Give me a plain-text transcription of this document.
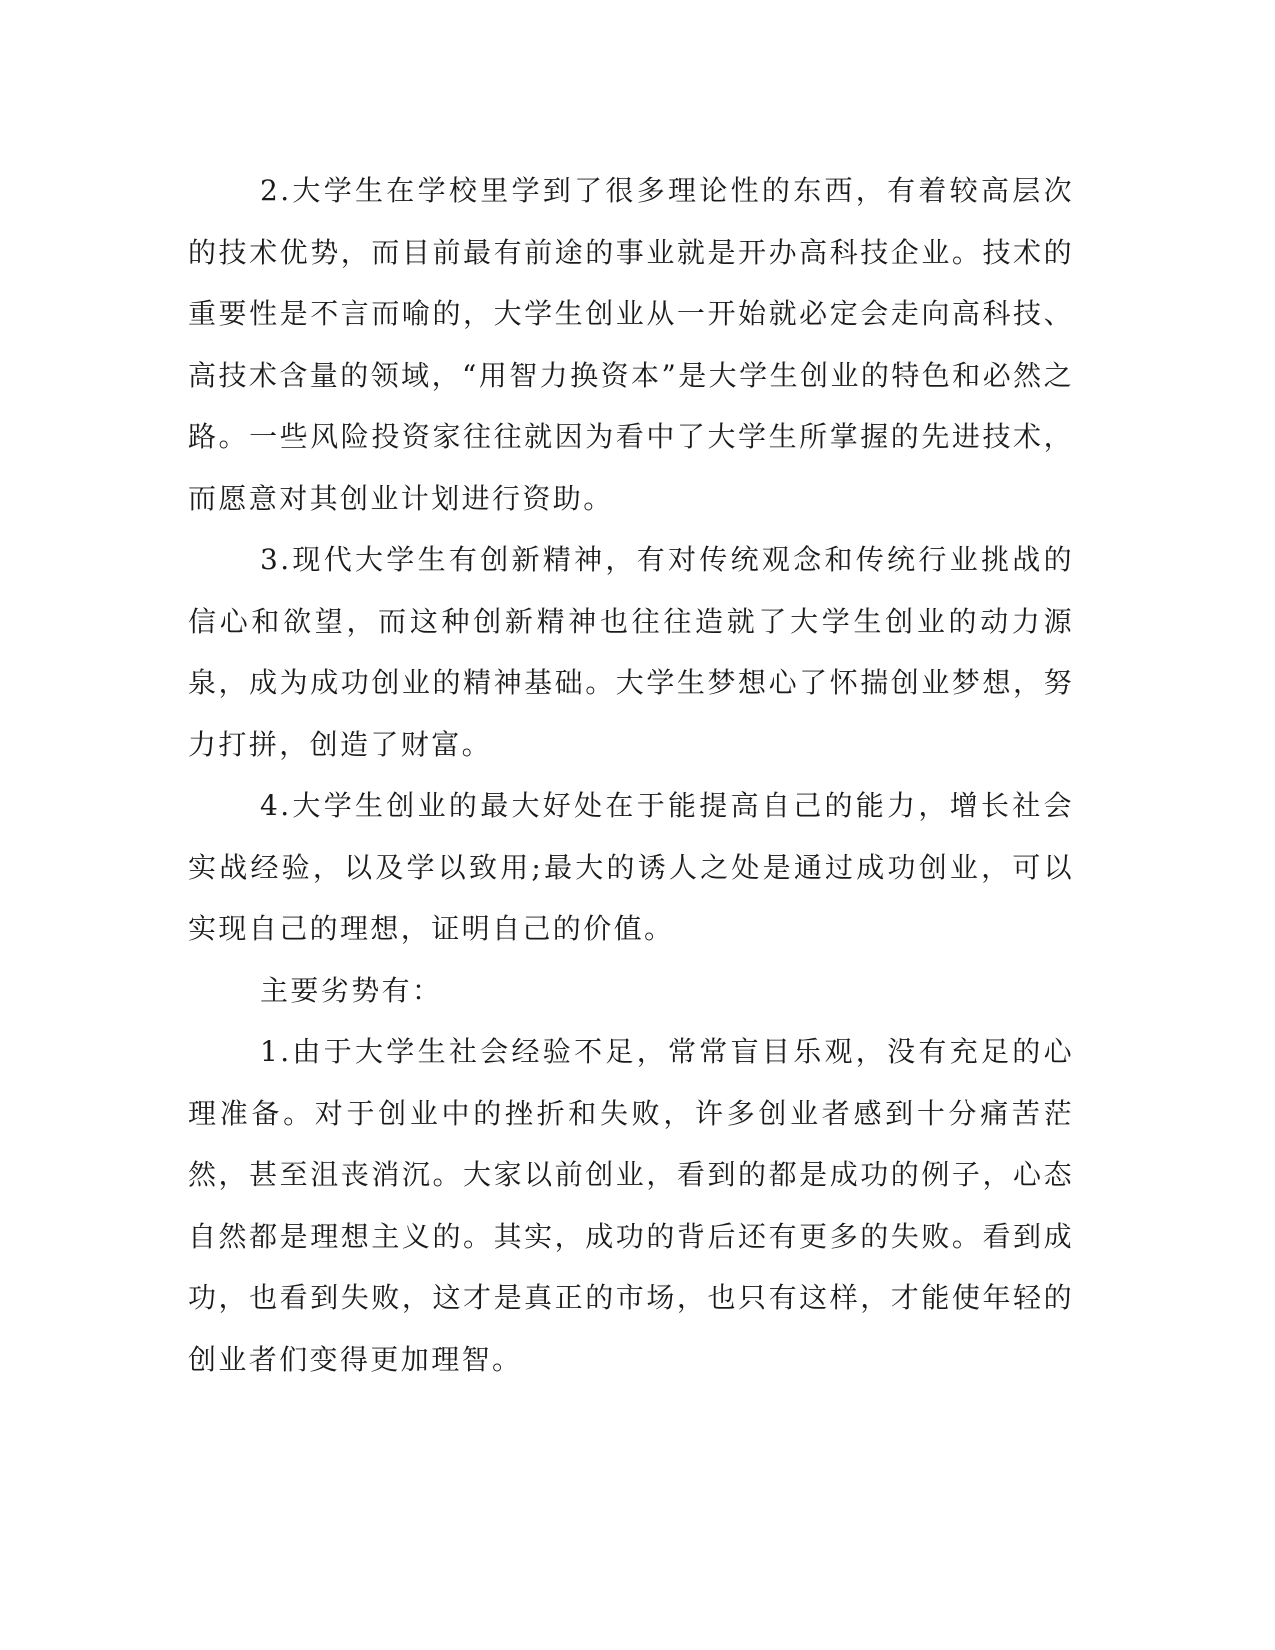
2.大学生在学校里学到了很多理论性的东西，有着较高层次的技术优势，而目前最有前途的事业就是开办高科技企业。技术的重要性是不言而喻的，大学生创业从一开始就必定会走向高科技、高技术含量的领域，“用智力换资本”是大学生创业的特色和必然之路。一些风险投资家往往就因为看中了大学生所掌握的先进技术，而愿意对其创业计划进行资助。

3.现代大学生有创新精神，有对传统观念和传统行业挑战的信心和欲望，而这种创新精神也往往造就了大学生创业的动力源泉，成为成功创业的精神基础。大学生梦想心了怀揣创业梦想，努力打拼，创造了财富。

4.大学生创业的最大好处在于能提高自己的能力，增长社会实战经验，以及学以致用;最大的诱人之处是通过成功创业，可以实现自己的理想，证明自己的价值。

主要劣势有：

1.由于大学生社会经验不足，常常盲目乐观，没有充足的心理准备。对于创业中的挫折和失败，许多创业者感到十分痛苦茫然，甚至沮丧消沉。大家以前创业，看到的都是成功的例子，心态自然都是理想主义的。其实，成功的背后还有更多的失败。看到成功，也看到失败，这才是真正的市场，也只有这样，才能使年轻的创业者们变得更加理智。
